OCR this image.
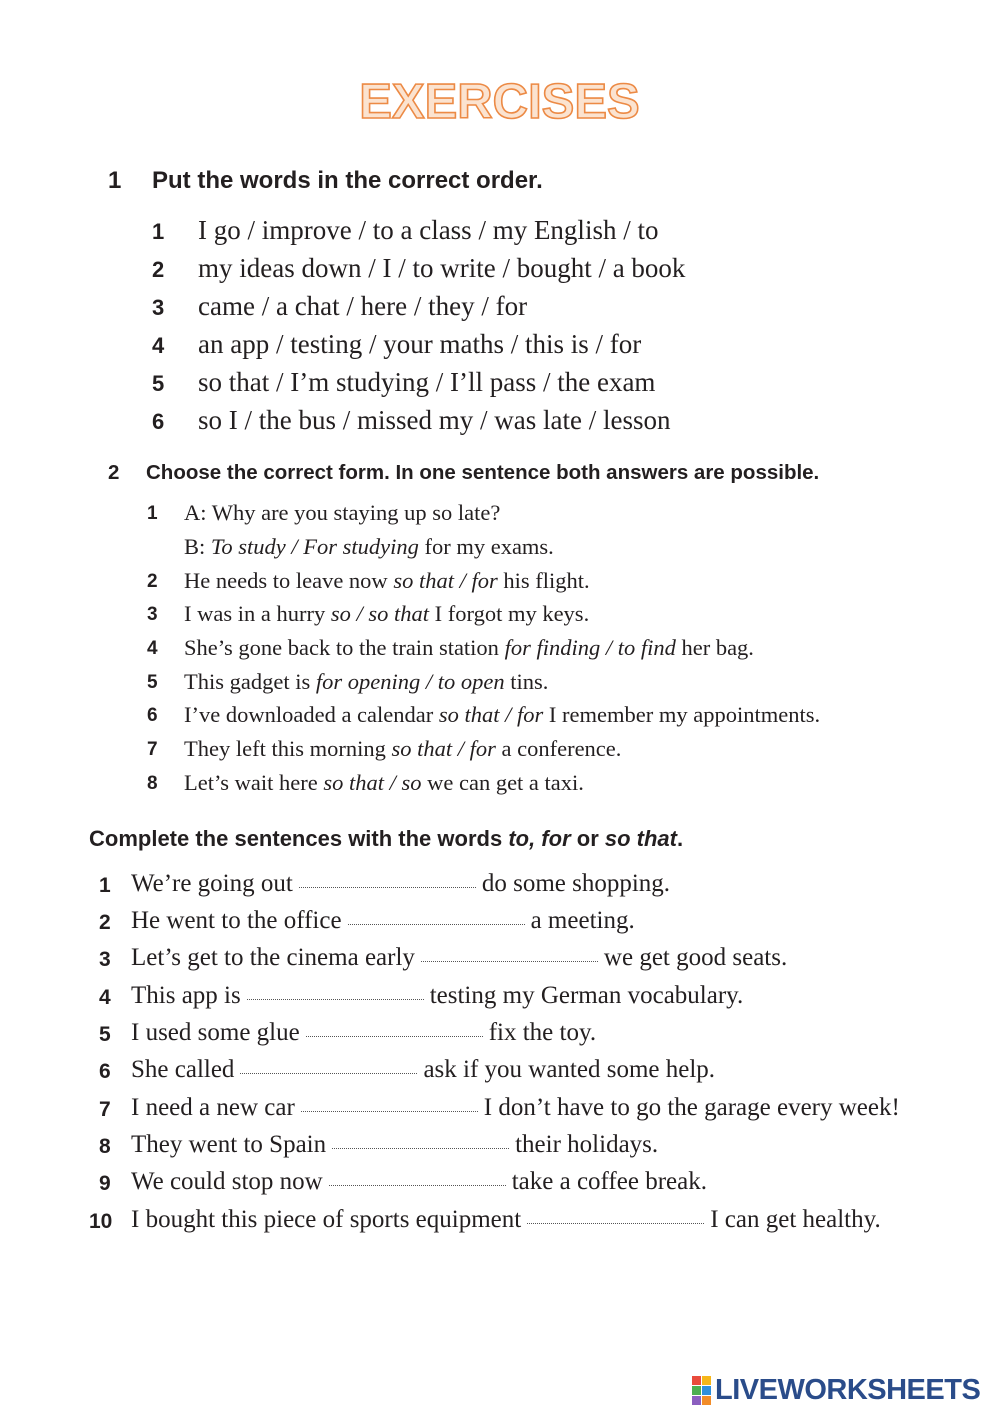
EXERCISES
1 Put the words in the correct order.
1 I go / improve / to a class / my English / to
2 my ideas down / I / to write / bought / a book
3 came / a chat / here / they / for
4 an app / testing / your maths / this is / for
5 so that / I’m studying / I’ll pass / the exam
6 so I / the bus / missed my / was late / lesson
2 Choose the correct form. In one sentence both answers are possible.
1 A: Why are you staying up so late?
B: To study / For studying for my exams.
2 He needs to leave now so that / for his flight.
3 I was in a hurry so / so that I forgot my keys.
4 She’s gone back to the train station for finding / to find her bag.
5 This gadget is for opening / to open tins.
6 I’ve downloaded a calendar so that / for I remember my appointments.
7 They left this morning so that / for a conference.
8 Let’s wait here so that / so we can get a taxi.
Complete the sentences with the words to, for or so that.
1 We’re going out	do some shopping.
2 He went to the office	a meeting.
3 Let’s get to the cinema early	we get good seats.
4 This app is	testing my German vocabulary.
5 I used some glue	fix the toy.
6 She called	ask if you wanted some help.
7 I need a new car	I don’t have to go the garage every week!
8 They went to Spain	their holidays.
9 We could stop now	take a coffee break.
10 I bought this piece of sports equipment	I can get healthy.
LIVEWORKSHEETS
